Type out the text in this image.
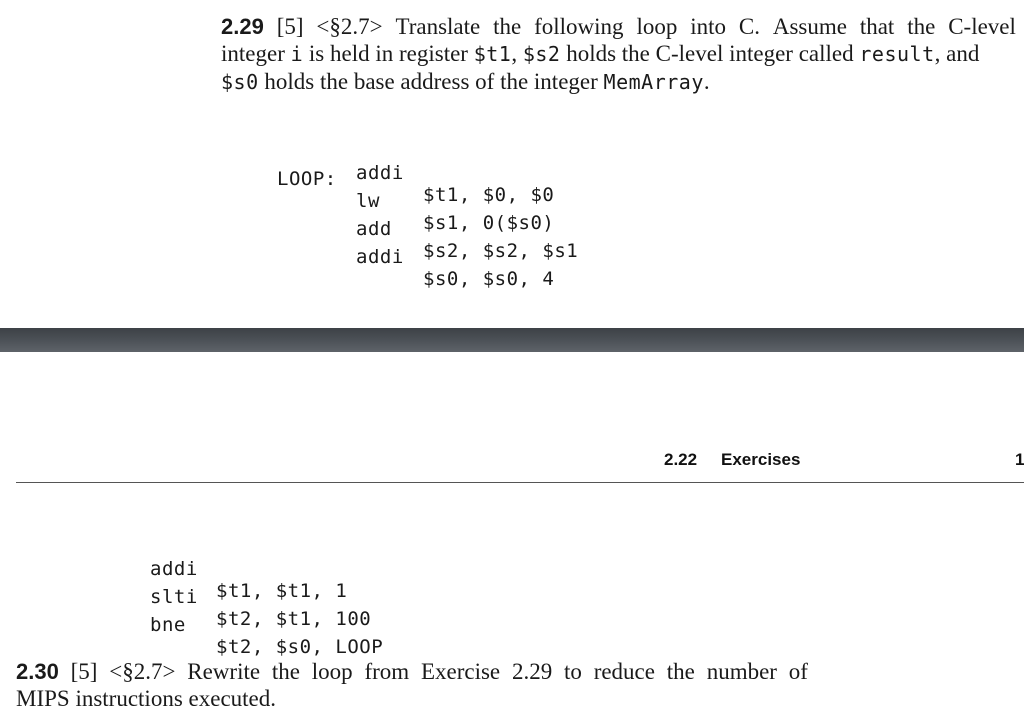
2.29 [5] <§2.7> Translate the following loop into C. Assume that the C-level
integer i is held in register $t1, $s2 holds the C-level integer called result, and
$s0 holds the base address of the integer MemArray.

addi

$t1, $0, $0

LOOP:

lw

$s1, 0($s0)

add

$s2, $s2, $s1

addi

$s0, $s0, 4

2.22 Exercises	1

addi

$t1, $t1, 1

slti

$t2, $t1, 100

bne

$t2, $s0, LOOP

2.30 [5] <§2.7> Rewrite the loop from Exercise 2.29 to reduce the number of
MIPS instructions executed.
